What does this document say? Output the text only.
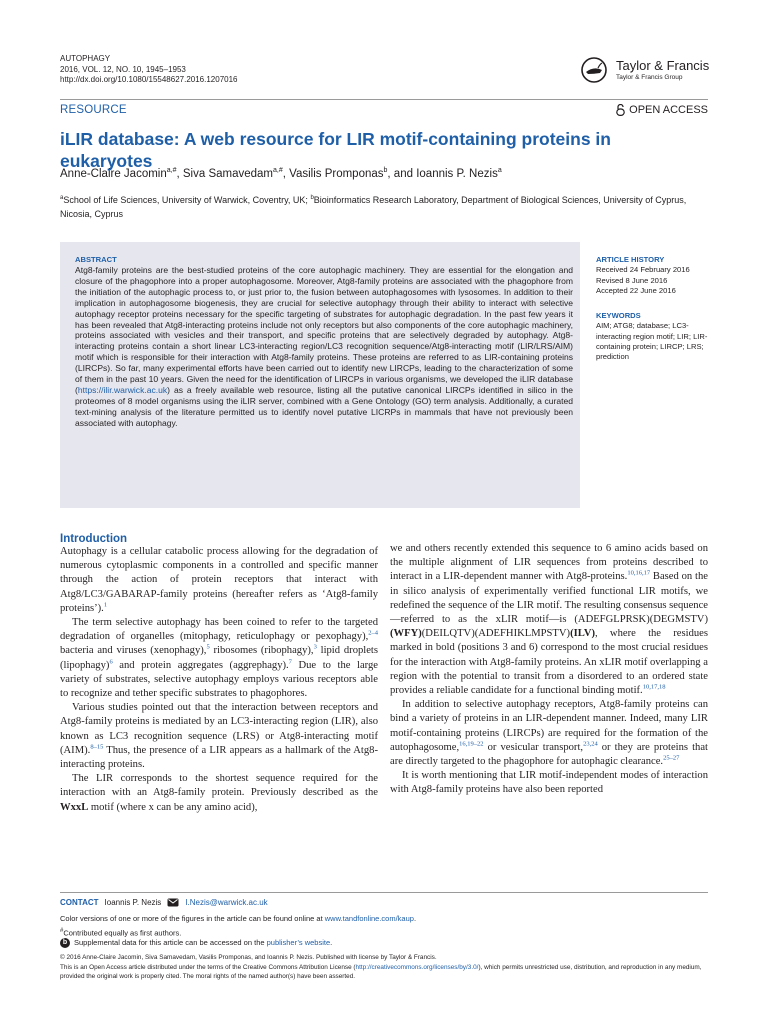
AUTOPHAGY
2016, VOL. 12, NO. 10, 1945–1953
http://dx.doi.org/10.1080/15548627.2016.1207016
Taylor & Francis
Taylor & Francis Group
RESOURCE	OPEN ACCESS
iLIR database: A web resource for LIR motif-containing proteins in eukaryotes
Anne-Claire Jacomin$^{a,\#}$, Siva Samavedam$^{a,\#}$, Vasilis Promponas$^b$, and Ioannis P. Nezis$^a$
$^a$School of Life Sciences, University of Warwick, Coventry, UK; $^b$Bioinformatics Research Laboratory, Department of Biological Sciences, University of Cyprus, Nicosia, Cyprus
ABSTRACT
Atg8-family proteins are the best-studied proteins of the core autophagic machinery. They are essential for the elongation and closure of the phagophore into a proper autophagosome. Moreover, Atg8-family proteins are associated with the phagophore from the initiation of the autophagic process to, or just prior to, the fusion between autophagosomes with lysosomes. In addition to their implication in autophagosome biogenesis, they are crucial for selective autophagy through their ability to interact with selective autophagy receptor proteins necessary for the specific targeting of substrates for autophagic degradation. In the past few years it has been revealed that Atg8-interacting proteins include not only receptors but also components of the core autophagic machinery, proteins associated with vesicles and their transport, and specific proteins that are selectively degraded by autophagy. Atg8-interacting proteins contain a short linear LC3-interacting region/LC3 recognition sequence/Atg8-interacting motif (LIR/LRS/AIM) motif which is responsible for their interaction with Atg8-family proteins. These proteins are referred to as LIR-containing proteins (LIRCPs). So far, many experimental efforts have been carried out to identify new LIRCPs, leading to the characterization of some of them in the past 10 years. Given the need for the identification of LIRCPs in various organisms, we developed the iLIR database (https://ilir.warwick.ac.uk) as a freely available web resource, listing all the putative canonical LIRCPs identified in silico in the proteomes of 8 model organisms using the iLIR server, combined with a Gene Ontology (GO) term analysis. Additionally, a curated text-mining analysis of the literature permitted us to identify novel putative LICRPs in mammals that have not previously been associated with autophagy.
ARTICLE HISTORY
Received 24 February 2016
Revised 8 June 2016
Accepted 22 June 2016
KEYWORDS
AIM; ATG8; database; LC3-interacting region motif; LIR; LIR-containing protein; LIRCP; LRS; prediction
Introduction

Autophagy is a cellular catabolic process allowing for the degradation of numerous cytoplasmic components in a controlled and specific manner through the action of protein receptors that interact with Atg8/LC3/GABARAP-family proteins (hereafter refers as ‘Atg8-family proteins’).$^1$

The term selective autophagy has been coined to refer to the targeted degradation of organelles (mitophagy, reticulophagy or pexophagy),$^{2-4}$ bacteria and viruses (xenophagy),$^5$ ribosomes (ribophagy),$^3$ lipid droplets (lipophagy)$^6$ and protein aggregates (aggrephagy).$^7$ Due to the large variety of substrates, selective autophagy employs various receptors able to recognize and tether specific substrates to phagophores.

Various studies pointed out that the interaction between receptors and Atg8-family proteins is mediated by an LC3-interacting region (LIR), also known as LC3 recognition sequence (LRS) or Atg8-interacting motif (AIM).$^{8-15}$ Thus, the presence of a LIR appears as a hallmark of the Atg8-interacting proteins.

The LIR corresponds to the shortest sequence required for the interaction with an Atg8-family protein. Previously described as the WxxL motif (where x can be any amino acid),

we and others recently extended this sequence to 6 amino acids based on the multiple alignment of LIR sequences from proteins described to interact in a LIR-dependent manner with Atg8-proteins.$^{10,16,17}$ Based on the in silico analysis of experimentally verified functional LIR motifs, we redefined the sequence of the LIR motif. The resulting consensus sequence—referred to as the xLIR motif—is (ADEFGLPRSK)(DEGMSTV)(WFY)(DEILQTV)(ADEFHIKLMPSTV)(ILV), where the residues marked in bold (positions 3 and 6) correspond to the most crucial residues for the interaction with Atg8-family proteins. An xLIR motif overlapping a region with the potential to transit from a disordered to an ordered state provides a reliable candidate for a functional binding motif.$^{10,17,18}$

In addition to selective autophagy receptors, Atg8-family proteins can bind a variety of proteins in an LIR-dependent manner. Indeed, many LIR motif-containing proteins (LIRCPs) are required for the formation of the autophagosome,$^{16,19-22}$ or vesicular transport,$^{23,24}$ or they are proteins that are directly targeted to the phagophore for autophagic clearance.$^{25-27}$

It is worth mentioning that LIR motif-independent modes of interaction with Atg8-family proteins have also been reported

CONTACT Ioannis P. Nezis	I.Nezis@warwick.ac.uk
Color versions of one or more of the figures in the article can be found online at www.tandfonline.com/kaup.
#Contributed equally as first authors.
b Supplemental data for this article can be accessed on the publisher’s website.
© 2016 Anne-Claire Jacomin, Siva Samavedam, Vasilis Promponas, and Ioannis P. Nezis. Published with license by Taylor & Francis.
This is an Open Access article distributed under the terms of the Creative Commons Attribution License (http://creativecommons.org/licenses/by/3.0/), which permits unrestricted use, distribution, and reproduction in any medium, provided the original work is properly cited. The moral rights of the named author(s) have been asserted.
